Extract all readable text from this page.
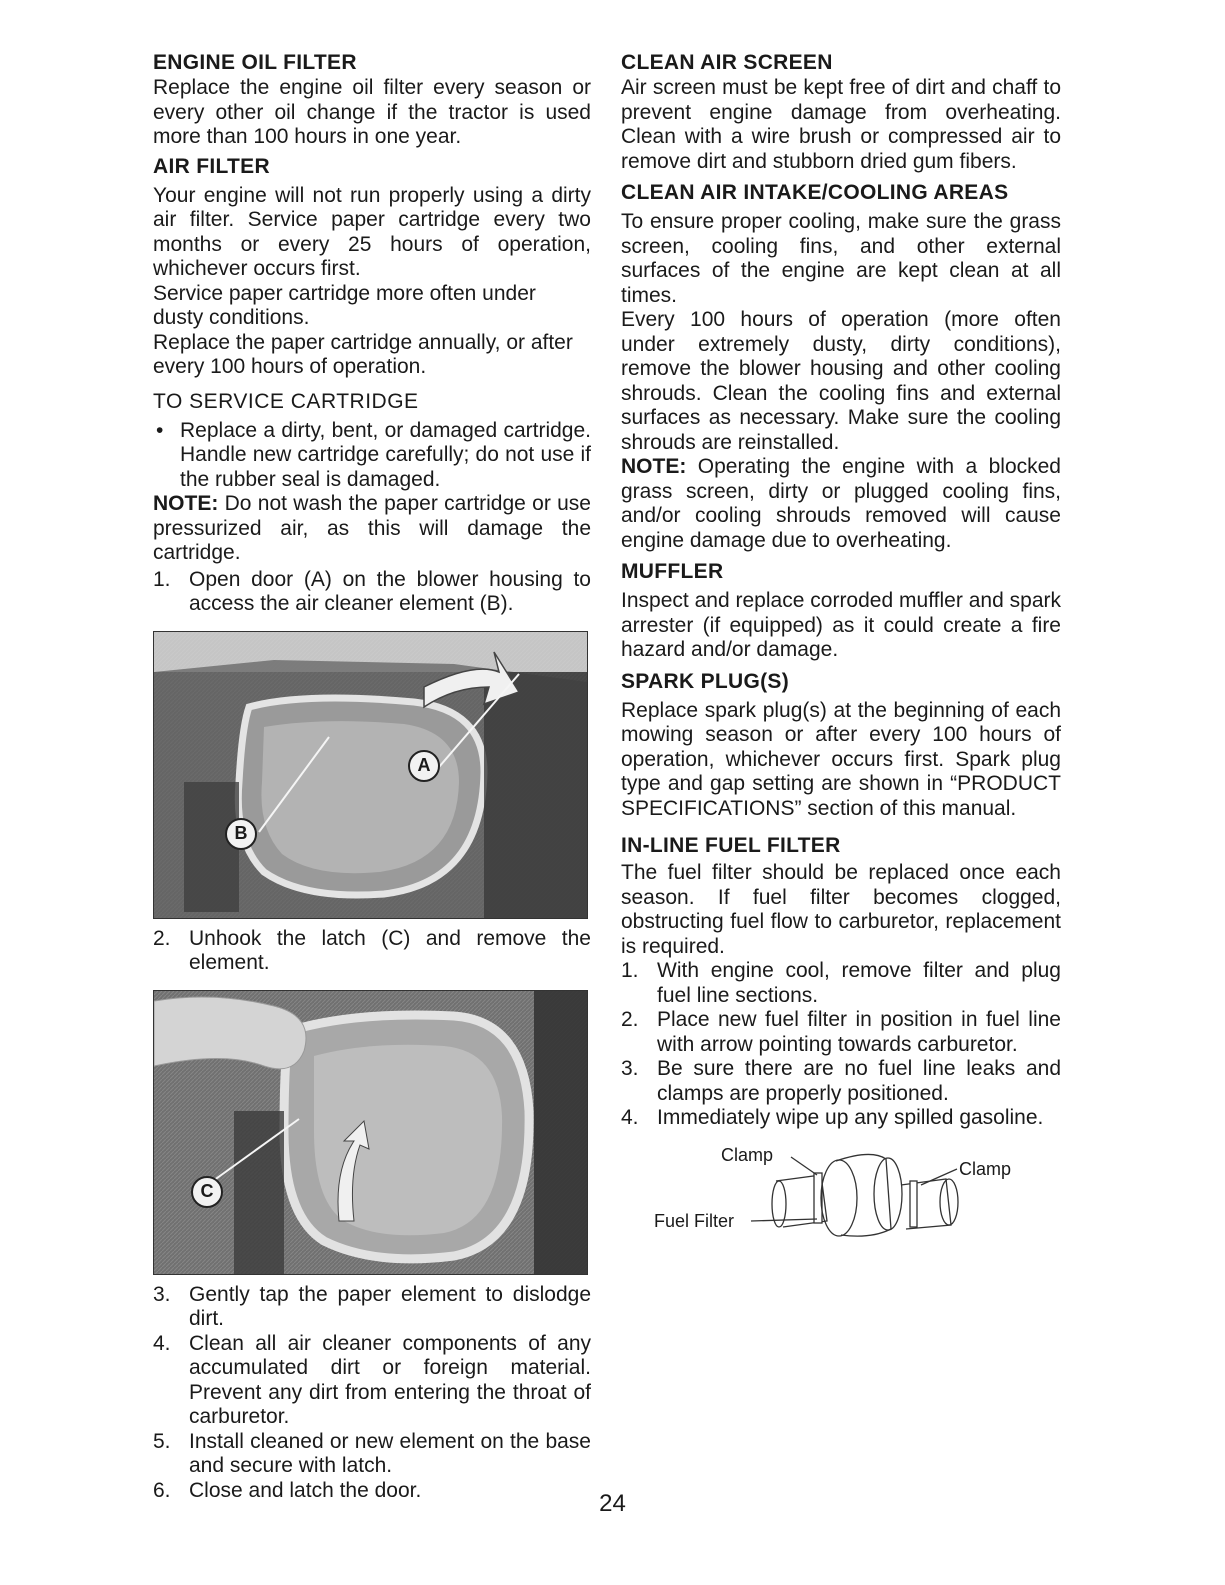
ENGINE OIL FILTER

Replace the engine oil filter every season or every other oil change if the tractor is used more than 100 hours in one year.

AIR FILTER

Your engine will not run properly using a dirty air filter. Service paper cartridge every two months or every 25 hours of operation, whichever occurs first.

Service paper cartridge more often under dusty conditions.

Replace the paper cartridge annually, or after every 100 hours of operation.

TO SERVICE CARTRIDGE
• Replace a dirty, bent, or damaged cartridge. Handle new cartridge carefully; do not use if the rubber seal is damaged.

NOTE: Do not wash the paper cartridge or use pressurized air, as this will damage the cartridge.

1. Open door (A) on the blower housing to access the air cleaner element (B).
A
B
2. Unhook the latch (C) and remove the element.
C
3. Gently tap the paper element to dislodge dirt.
4. Clean all air cleaner components of any accumulated dirt or foreign material. Prevent any dirt from entering the throat of carburetor.
5. Install cleaned or new element on the base and secure with latch.
6. Close and latch the door.
CLEAN AIR SCREEN

Air screen must be kept free of dirt and chaff to prevent engine damage from overheating. Clean with a wire brush or compressed air to remove dirt and stubborn dried gum fibers.

CLEAN AIR INTAKE/COOLING AREAS

To ensure proper cooling, make sure the grass screen, cooling fins, and other external surfaces of the engine are kept clean at all times.

Every 100 hours of operation (more often under extremely dusty, dirty conditions), remove the blower housing and other cooling shrouds. Clean the cooling fins and external surfaces as necessary. Make sure the cooling shrouds are reinstalled.

NOTE: Operating the engine with a blocked grass screen, dirty or plugged cooling fins, and/or cooling shrouds removed will cause engine damage due to overheating.

MUFFLER

Inspect and replace corroded muffler and spark arrester (if equipped) as it could create a fire hazard and/or damage.

SPARK PLUG(S)

Replace spark plug(s) at the beginning of each mowing season or after every 100 hours of operation, whichever occurs first. Spark plug type and gap setting are shown in “PRODUCT SPECIFICATIONS” section of this manual.

IN-LINE FUEL FILTER

The fuel filter should be replaced once each season. If fuel filter becomes clogged, obstructing fuel flow to carburetor, replacement is required.

1. With engine cool, remove filter and plug fuel line sections.
2. Place new fuel filter in position in fuel line with arrow pointing towards carburetor.
3. Be sure there are no fuel line leaks and clamps are properly positioned.
4. Immediately wipe up any spilled gasoline.
Clamp
Clamp
Fuel Filter
24
